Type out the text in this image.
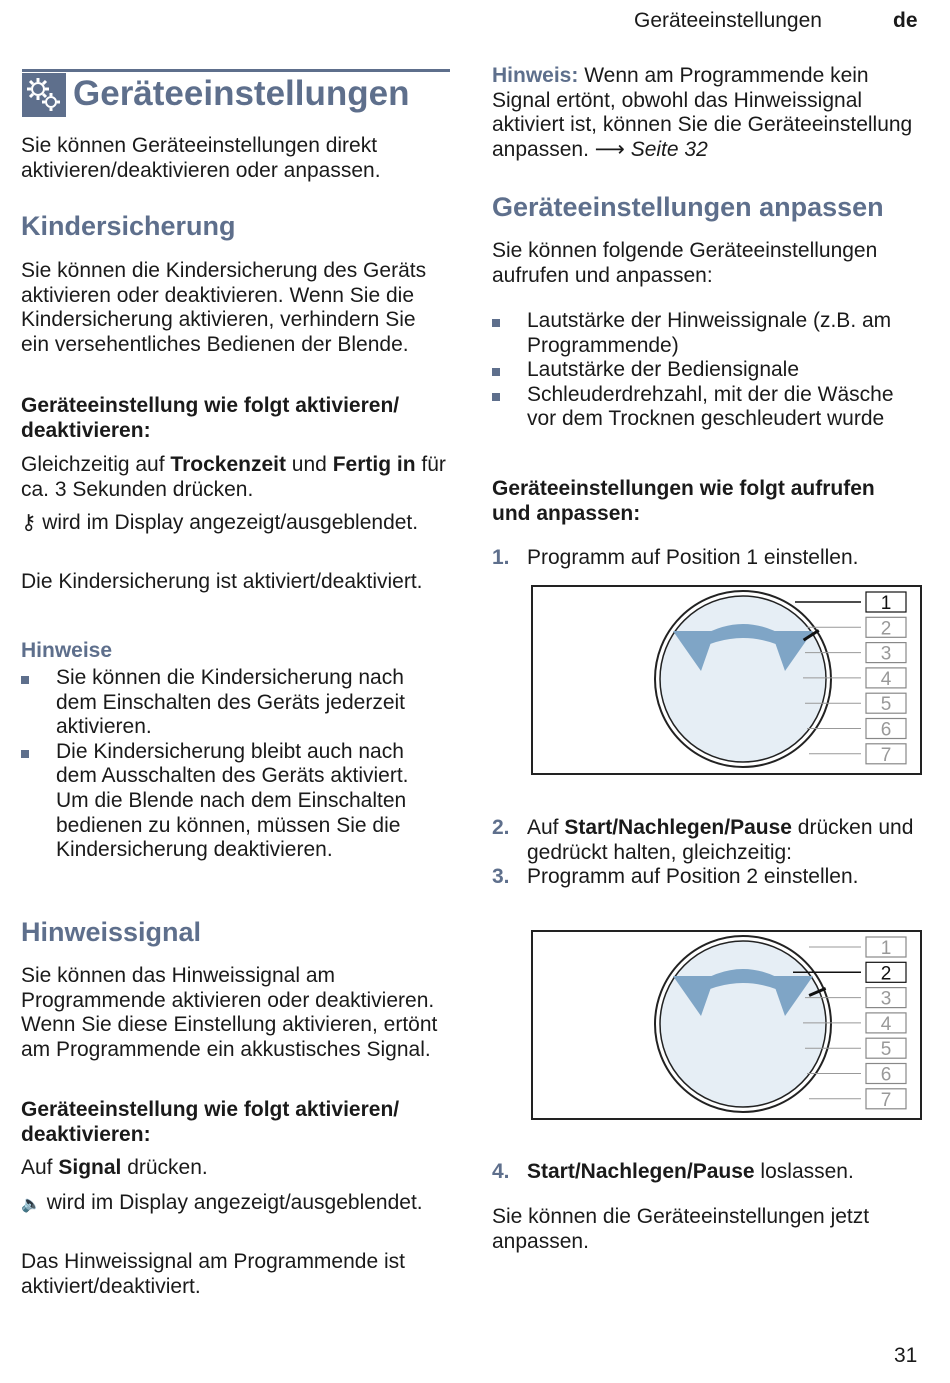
Geräteeinstellungen	de
Geräteeinstellungen

Sie können Geräteeinstellungen direkt aktivieren/deaktivieren oder anpassen.

Kindersicherung

Sie können die Kindersicherung des Geräts aktivieren oder deaktivieren. Wenn Sie die Kindersicherung aktivieren, verhindern Sie ein versehentliches Bedienen der Blende.

Geräteeinstellung wie folgt aktivieren/ deaktivieren:

Gleichzeitig auf Trockenzeit und Fertig in für ca. 3 Sekunden drücken.

⚷ wird im Display angezeigt/ausgeblendet.

Die Kindersicherung ist aktiviert/deaktiviert.

Hinweise
Sie können die Kindersicherung nach dem Einschalten des Geräts jederzeit aktivieren.
Die Kindersicherung bleibt auch nach dem Ausschalten des Geräts aktiviert. Um die Blende nach dem Einschalten bedienen zu können, müssen Sie die Kindersicherung deaktivieren.
Hinweissignal

Sie können das Hinweissignal am Programmende aktivieren oder deaktivieren. Wenn Sie diese Einstellung aktivieren, ertönt am Programmende ein akkustisches Signal.

Geräteeinstellung wie folgt aktivieren/ deaktivieren:

Auf Signal drücken.

🔈 wird im Display angezeigt/ausgeblendet.

Das Hinweissignal am Programmende ist aktiviert/deaktiviert.

Hinweis: Wenn am Programmende kein Signal ertönt, obwohl das Hinweissignal aktiviert ist, können Sie die Geräteeinstellung anpassen. ⟶ Seite 32

Geräteeinstellungen anpassen

Sie können folgende Geräteeinstellungen aufrufen und anpassen:

Lautstärke der Hinweissignale (z.B. am Programmende)
Lautstärke der Bediensignale
Schleuderdrehzahl, mit der die Wäsche vor dem Trocknen geschleudert wurde

Geräteeinstellungen wie folgt aufrufen und anpassen:

1. Programm auf Position 1 einstellen.
1
2
3
4
5
6
7
2. Auf Start/Nachlegen/Pause drücken und gedrückt halten, gleichzeitig:
3. Programm auf Position 2 einstellen.
1
2
3
4
5
6
7
4. Start/Nachlegen/Pause loslassen.

Sie können die Geräteeinstellungen jetzt anpassen.

31
